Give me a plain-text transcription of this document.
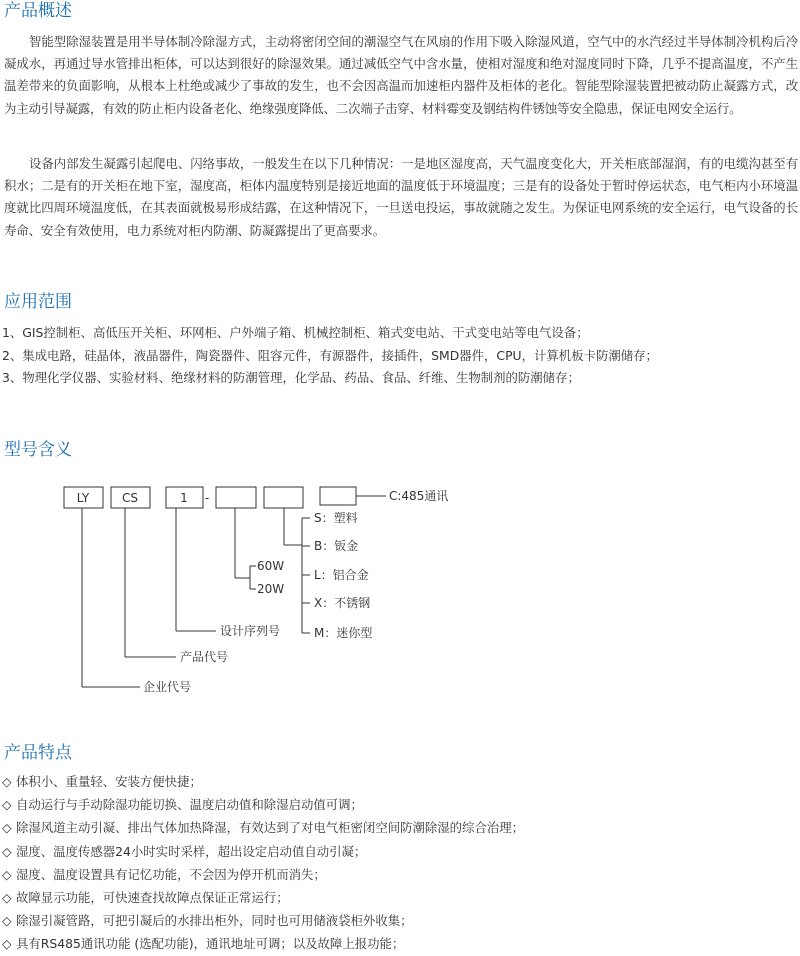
产品概述

智能型除湿装置是用半导体制冷除湿方式，主动将密闭空间的潮湿空气在风扇的作用下吸入除湿风道，空气中的水汽经过半导体制冷机构后冷凝成水，再通过导水管排出柜体，可以达到很好的除湿效果。通过减低空气中含水量，使相对湿度和绝对湿度同时下降，几乎不提高温度，不产生温差带来的负面影响，从根本上杜绝或减少了事故的发生，也不会因高温而加速柜内器件及柜体的老化。智能型除湿装置把被动防止凝露方式，改为主动引导凝露，有效的防止柜内设备老化、绝缘强度降低、二次端子击穿、材料霉变及钢结构件锈蚀等安全隐患，保证电网安全运行。

设备内部发生凝露引起爬电、闪络事故，一般发生在以下几种情况：一是地区湿度高，天气温度变化大，开关柜底部湿润，有的电缆沟甚至有积水；二是有的开关柜在地下室，湿度高，柜体内温度特别是接近地面的温度低于环境温度；三是有的设备处于暂时停运状态，电气柜内小环境温度就比四周环境温度低，在其表面就极易形成结露，在这种情况下，一旦送电投运，事故就随之发生。为保证电网系统的安全运行，电气设备的长寿命、安全有效使用，电力系统对柜内防潮、防凝露提出了更高要求。

应用范围
1、GIS控制柜、高低压开关柜、环网柜、户外端子箱、机械控制柜、箱式变电站、干式变电站等电气设备；
2、集成电路，硅晶体，液晶器件，陶瓷器件、阻容元件，有源器件，接插件，SMD器件，CPU，计算机板卡防潮储存；
3、物理化学仪器、实验材料、绝缘材料的防潮管理，化学品、药品、食品、纤维、生物制剂的防潮储存；
型号含义
LY	CS	1 -	C:485通讯
S：塑料
B：钣金
L：铝合金
X：不锈钢
M：迷你型
60W
20W
设计序列号
产品代号
企业代号
产品特点
◇ 体积小、重量轻、安装方便快捷；
◇ 自动运行与手动除湿功能切换、温度启动值和除湿启动值可调；
◇ 除湿风道主动引凝、排出气体加热降湿，有效达到了对电气柜密闭空间防潮除湿的综合治理；
◇ 湿度、温度传感器24小时实时采样，超出设定启动值自动引凝；
◇ 湿度、温度设置具有记忆功能，不会因为停开机而消失；
◇ 故障显示功能，可快速查找故障点保证正常运行；
◇ 除湿引凝管路，可把引凝后的水排出柜外，同时也可用储液袋柜外收集；
◇ 具有RS485通讯功能 (选配功能)，通讯地址可调；以及故障上报功能；
